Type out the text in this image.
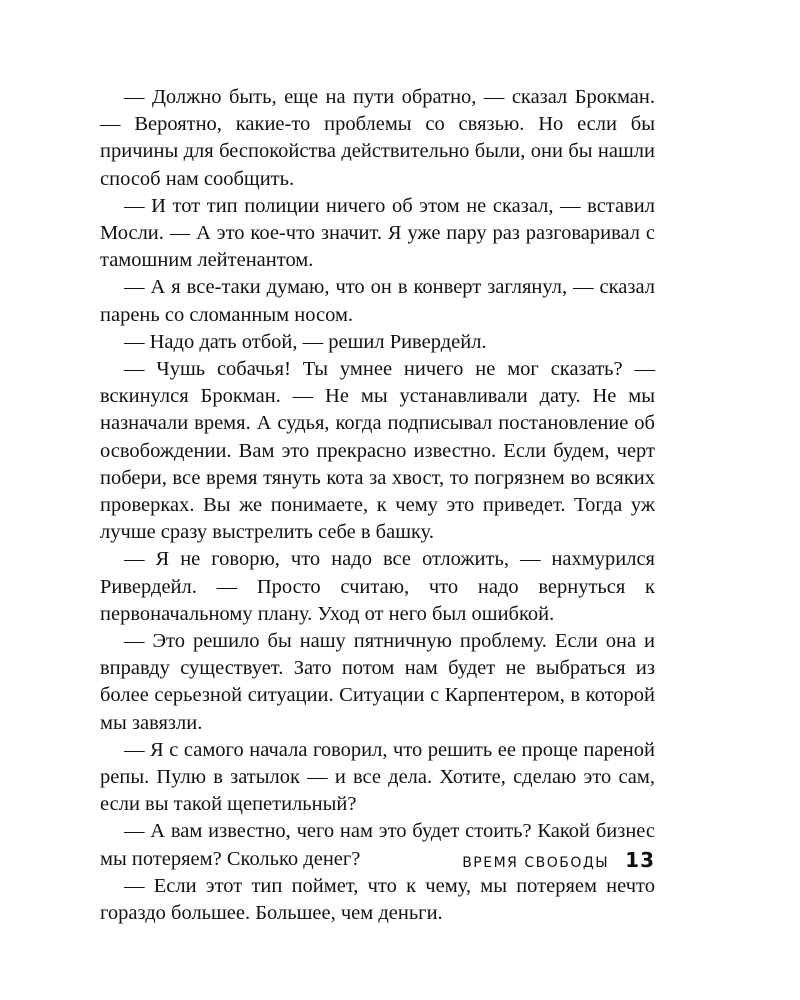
— Должно быть, еще на пути обратно, — сказал Брокман. — Вероятно, какие-то проблемы со связью. Но если бы причины для беспокойства действительно были, они бы нашли способ нам сообщить.

— И тот тип полиции ничего об этом не сказал, — вставил Мосли. — А это кое-что значит. Я уже пару раз разговаривал с тамошним лейтенантом.

— А я все-таки думаю, что он в конверт заглянул, — сказал парень со сломанным носом.

— Надо дать отбой, — решил Ривердейл.

— Чушь собачья! Ты умнее ничего не мог сказать? — вскинулся Брокман. — Не мы устанавливали дату. Не мы назначали время. А судья, когда подписывал постановление об освобождении. Вам это прекрасно известно. Если будем, черт побери, все время тянуть кота за хвост, то погрязнем во всяких проверках. Вы же понимаете, к чему это приведет. Тогда уж лучше сразу выстрелить себе в башку.

— Я не говорю, что надо все отложить, — нахмурился Ривердейл. — Просто считаю, что надо вернуться к первоначальному плану. Уход от него был ошибкой.

— Это решило бы нашу пятничную проблему. Если она и вправду существует. Зато потом нам будет не выбраться из более серьезной ситуации. Ситуации с Карпентером, в которой мы завязли.

— Я с самого начала говорил, что решить ее проще пареной репы. Пулю в затылок — и все дела. Хотите, сделаю это сам, если вы такой щепетильный?

— А вам известно, чего нам это будет стоить? Какой бизнес мы потеряем? Сколько денег?

— Если этот тип поймет, что к чему, мы потеряем нечто гораздо большее. Большее, чем деньги.

ВРЕМЯ СВОБОДЫ 13
